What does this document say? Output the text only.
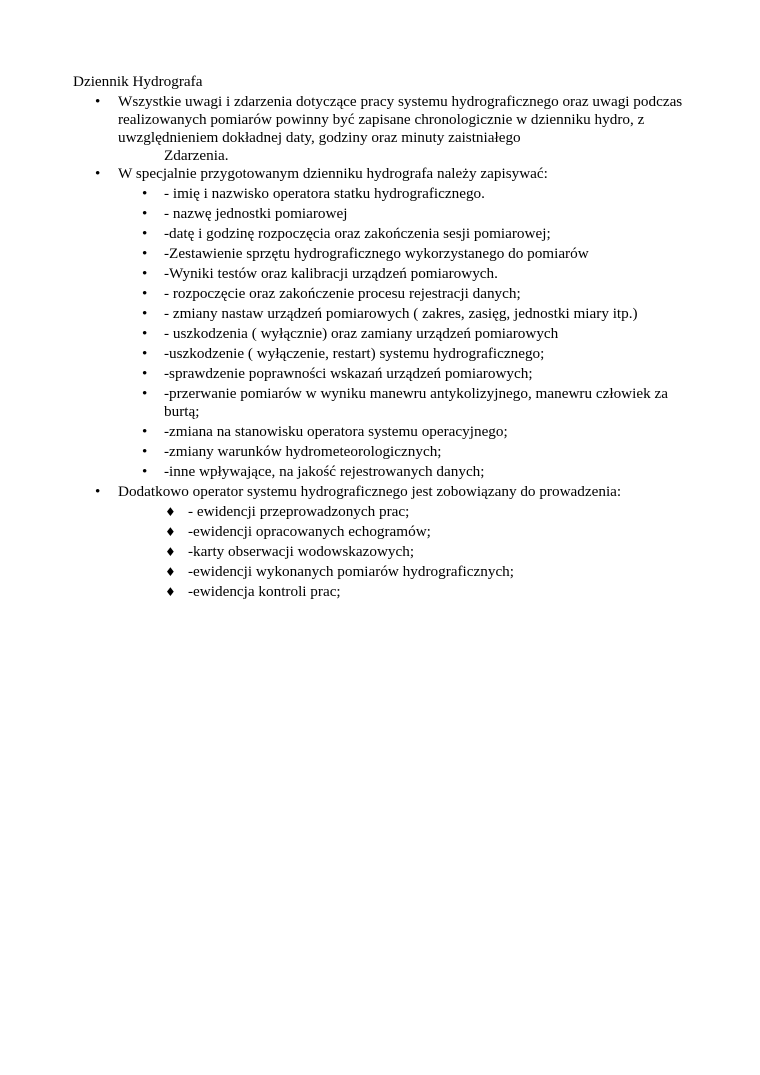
Dziennik Hydrografa
• Wszystkie uwagi i zdarzenia dotyczące pracy systemu hydrograficznego oraz uwagi podczas
realizowanych pomiarów powinny być zapisane chronologicznie w dzienniku hydro, z
uwzględnieniem dokładnej daty, godziny oraz minuty zaistniałego
Zdarzenia.
• W specjalnie przygotowanym dzienniku hydrografa należy zapisywać:
• - imię i nazwisko operatora statku hydrograficznego.
• - nazwę jednostki pomiarowej
• -datę i godzinę rozpoczęcia oraz zakończenia sesji pomiarowej;
• -Zestawienie sprzętu hydrograficznego wykorzystanego do pomiarów
• -Wyniki testów oraz kalibracji urządzeń pomiarowych.
• - rozpoczęcie oraz zakończenie procesu rejestracji danych;
• - zmiany nastaw urządzeń pomiarowych ( zakres, zasięg, jednostki miary itp.)
• - uszkodzenia ( wyłącznie) oraz zamiany urządzeń pomiarowych
• -uszkodzenie ( wyłączenie, restart) systemu hydrograficznego;
• -sprawdzenie poprawności wskazań urządzeń pomiarowych;
• -przerwanie pomiarów w wyniku manewru antykolizyjnego, manewru człowiek za burtą;
• -zmiana na stanowisku operatora systemu operacyjnego;
• -zmiany warunków hydrometeorologicznych;
• -inne wpływające, na jakość rejestrowanych danych;
• Dodatkowo operator systemu hydrograficznego jest zobowiązany do prowadzenia:
♦ - ewidencji przeprowadzonych prac;
♦ -ewidencji opracowanych echogramów;
♦ -karty obserwacji wodowskazowych;
♦ -ewidencji wykonanych pomiarów hydrograficznych;
♦ -ewidencja kontroli prac;
